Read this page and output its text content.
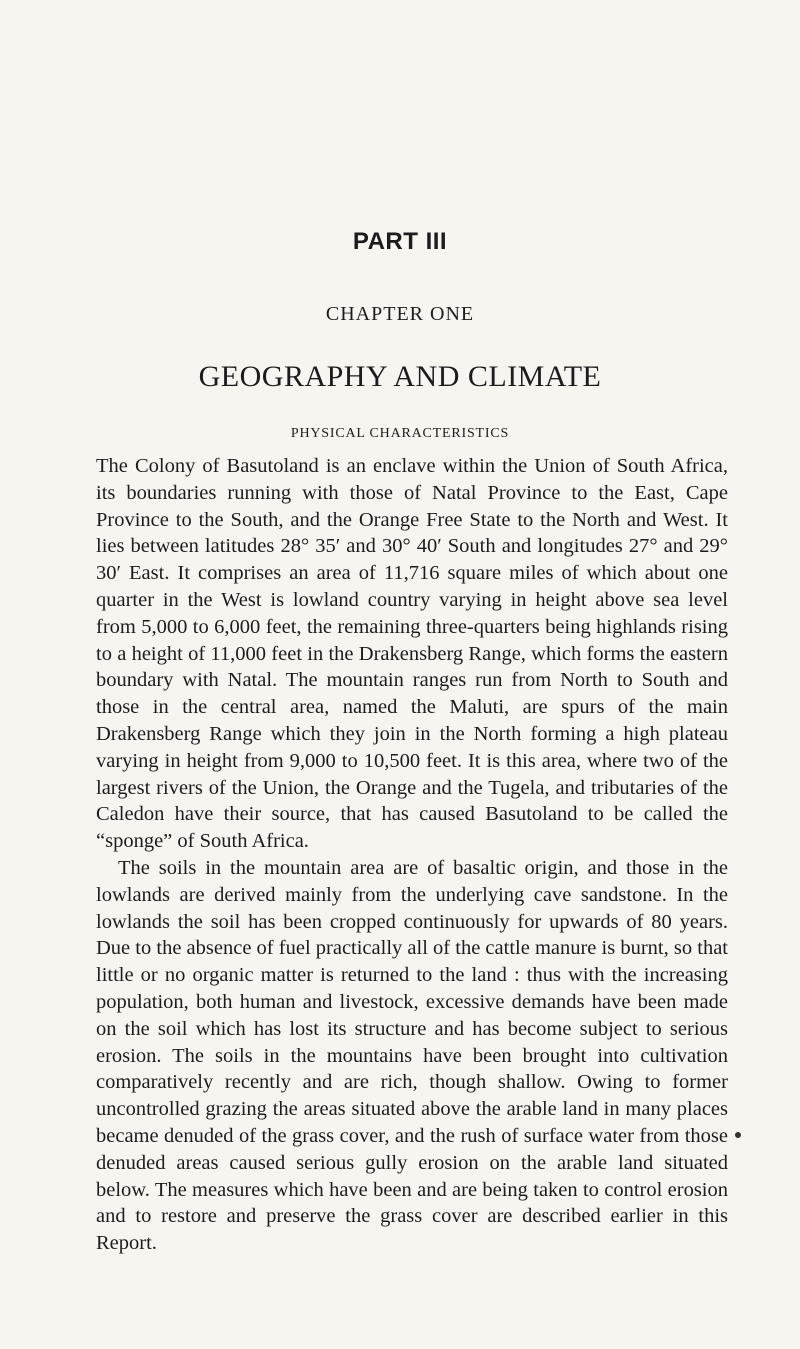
PART III
CHAPTER ONE
GEOGRAPHY AND CLIMATE
PHYSICAL CHARACTERISTICS

The Colony of Basutoland is an enclave within the Union of South Africa, its boundaries running with those of Natal Province to the East, Cape Province to the South, and the Orange Free State to the North and West. It lies between latitudes 28° 35′ and 30° 40′ South and longitudes 27° and 29° 30′ East. It comprises an area of 11,716 square miles of which about one quarter in the West is lowland country varying in height above sea level from 5,000 to 6,000 feet, the remaining three-quarters being highlands rising to a height of 11,000 feet in the Drakensberg Range, which forms the eastern boundary with Natal. The mountain ranges run from North to South and those in the central area, named the Maluti, are spurs of the main Drakensberg Range which they join in the North forming a high plateau varying in height from 9,000 to 10,500 feet. It is this area, where two of the largest rivers of the Union, the Orange and the Tugela, and tributaries of the Caledon have their source, that has caused Basutoland to be called the “sponge” of South Africa.

The soils in the mountain area are of basaltic origin, and those in the lowlands are derived mainly from the underlying cave sandstone. In the lowlands the soil has been cropped continuously for upwards of 80 years. Due to the absence of fuel practically all of the cattle manure is burnt, so that little or no organic matter is returned to the land : thus with the increasing population, both human and livestock, excessive demands have been made on the soil which has lost its structure and has become subject to serious erosion. The soils in the mountains have been brought into cultivation comparatively recently and are rich, though shallow. Owing to former uncontrolled grazing the areas situated above the arable land in many places became denuded of the grass cover, and the rush of surface water from those denuded areas caused serious gully erosion on the arable land situated below. The measures which have been and are being taken to control erosion and to restore and preserve the grass cover are described earlier in this Report.
